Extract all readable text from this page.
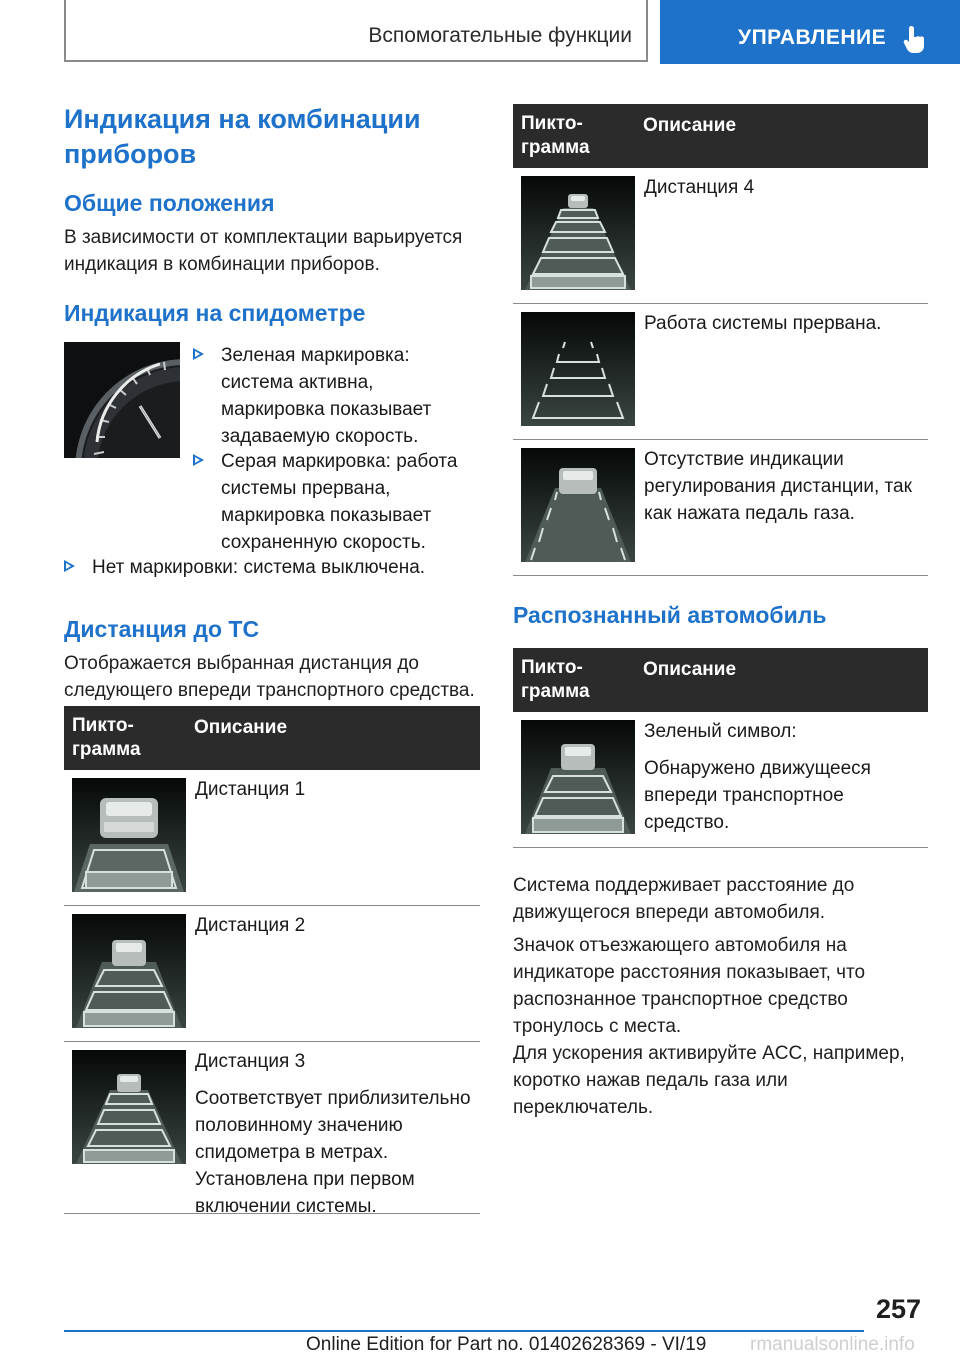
Вспомогательные функции	УПРАВЛЕНИЕ
Индикация на комбинации приборов
Общие положения

В зависимости от комплектации варьируется индикация в комбинации приборов.

Индикация на спидометре
Зеленая маркировка: система активна, маркировка показывает задаваемую скорость.
Серая маркировка: работа системы прервана, маркировка показывает сохраненную скорость.
Нет маркировки: система выключена.
Дистанция до ТС

Отображается выбранная дистанция до следующего впереди транспортного средства.

Пикто-грамма
Описание

Дистанция 1

Дистанция 2

Дистанция 3

Соответствует приблизительно половинному значению спидометра в метрах. Установлена при первом включении системы.

Пикто-грамма
Описание

Дистанция 4

Работа системы прервана.

Отсутствие индикации регулирования дистанции, так как нажата педаль газа.

Распознанный автомобиль
Пикто-грамма
Описание

Зеленый символ:

Обнаружено движущееся впереди транспортное средство.

Система поддерживает расстояние до движущегося впереди автомобиля.

Значок отъезжающего автомобиля на индикаторе расстояния показывает, что распознанное транспортное средство тронулось с места.

Для ускорения активируйте ACC, например, коротко нажав педаль газа или переключатель.

257
rmanualsonline.info
Online Edition for Part no. 01402628369 - VI/19
